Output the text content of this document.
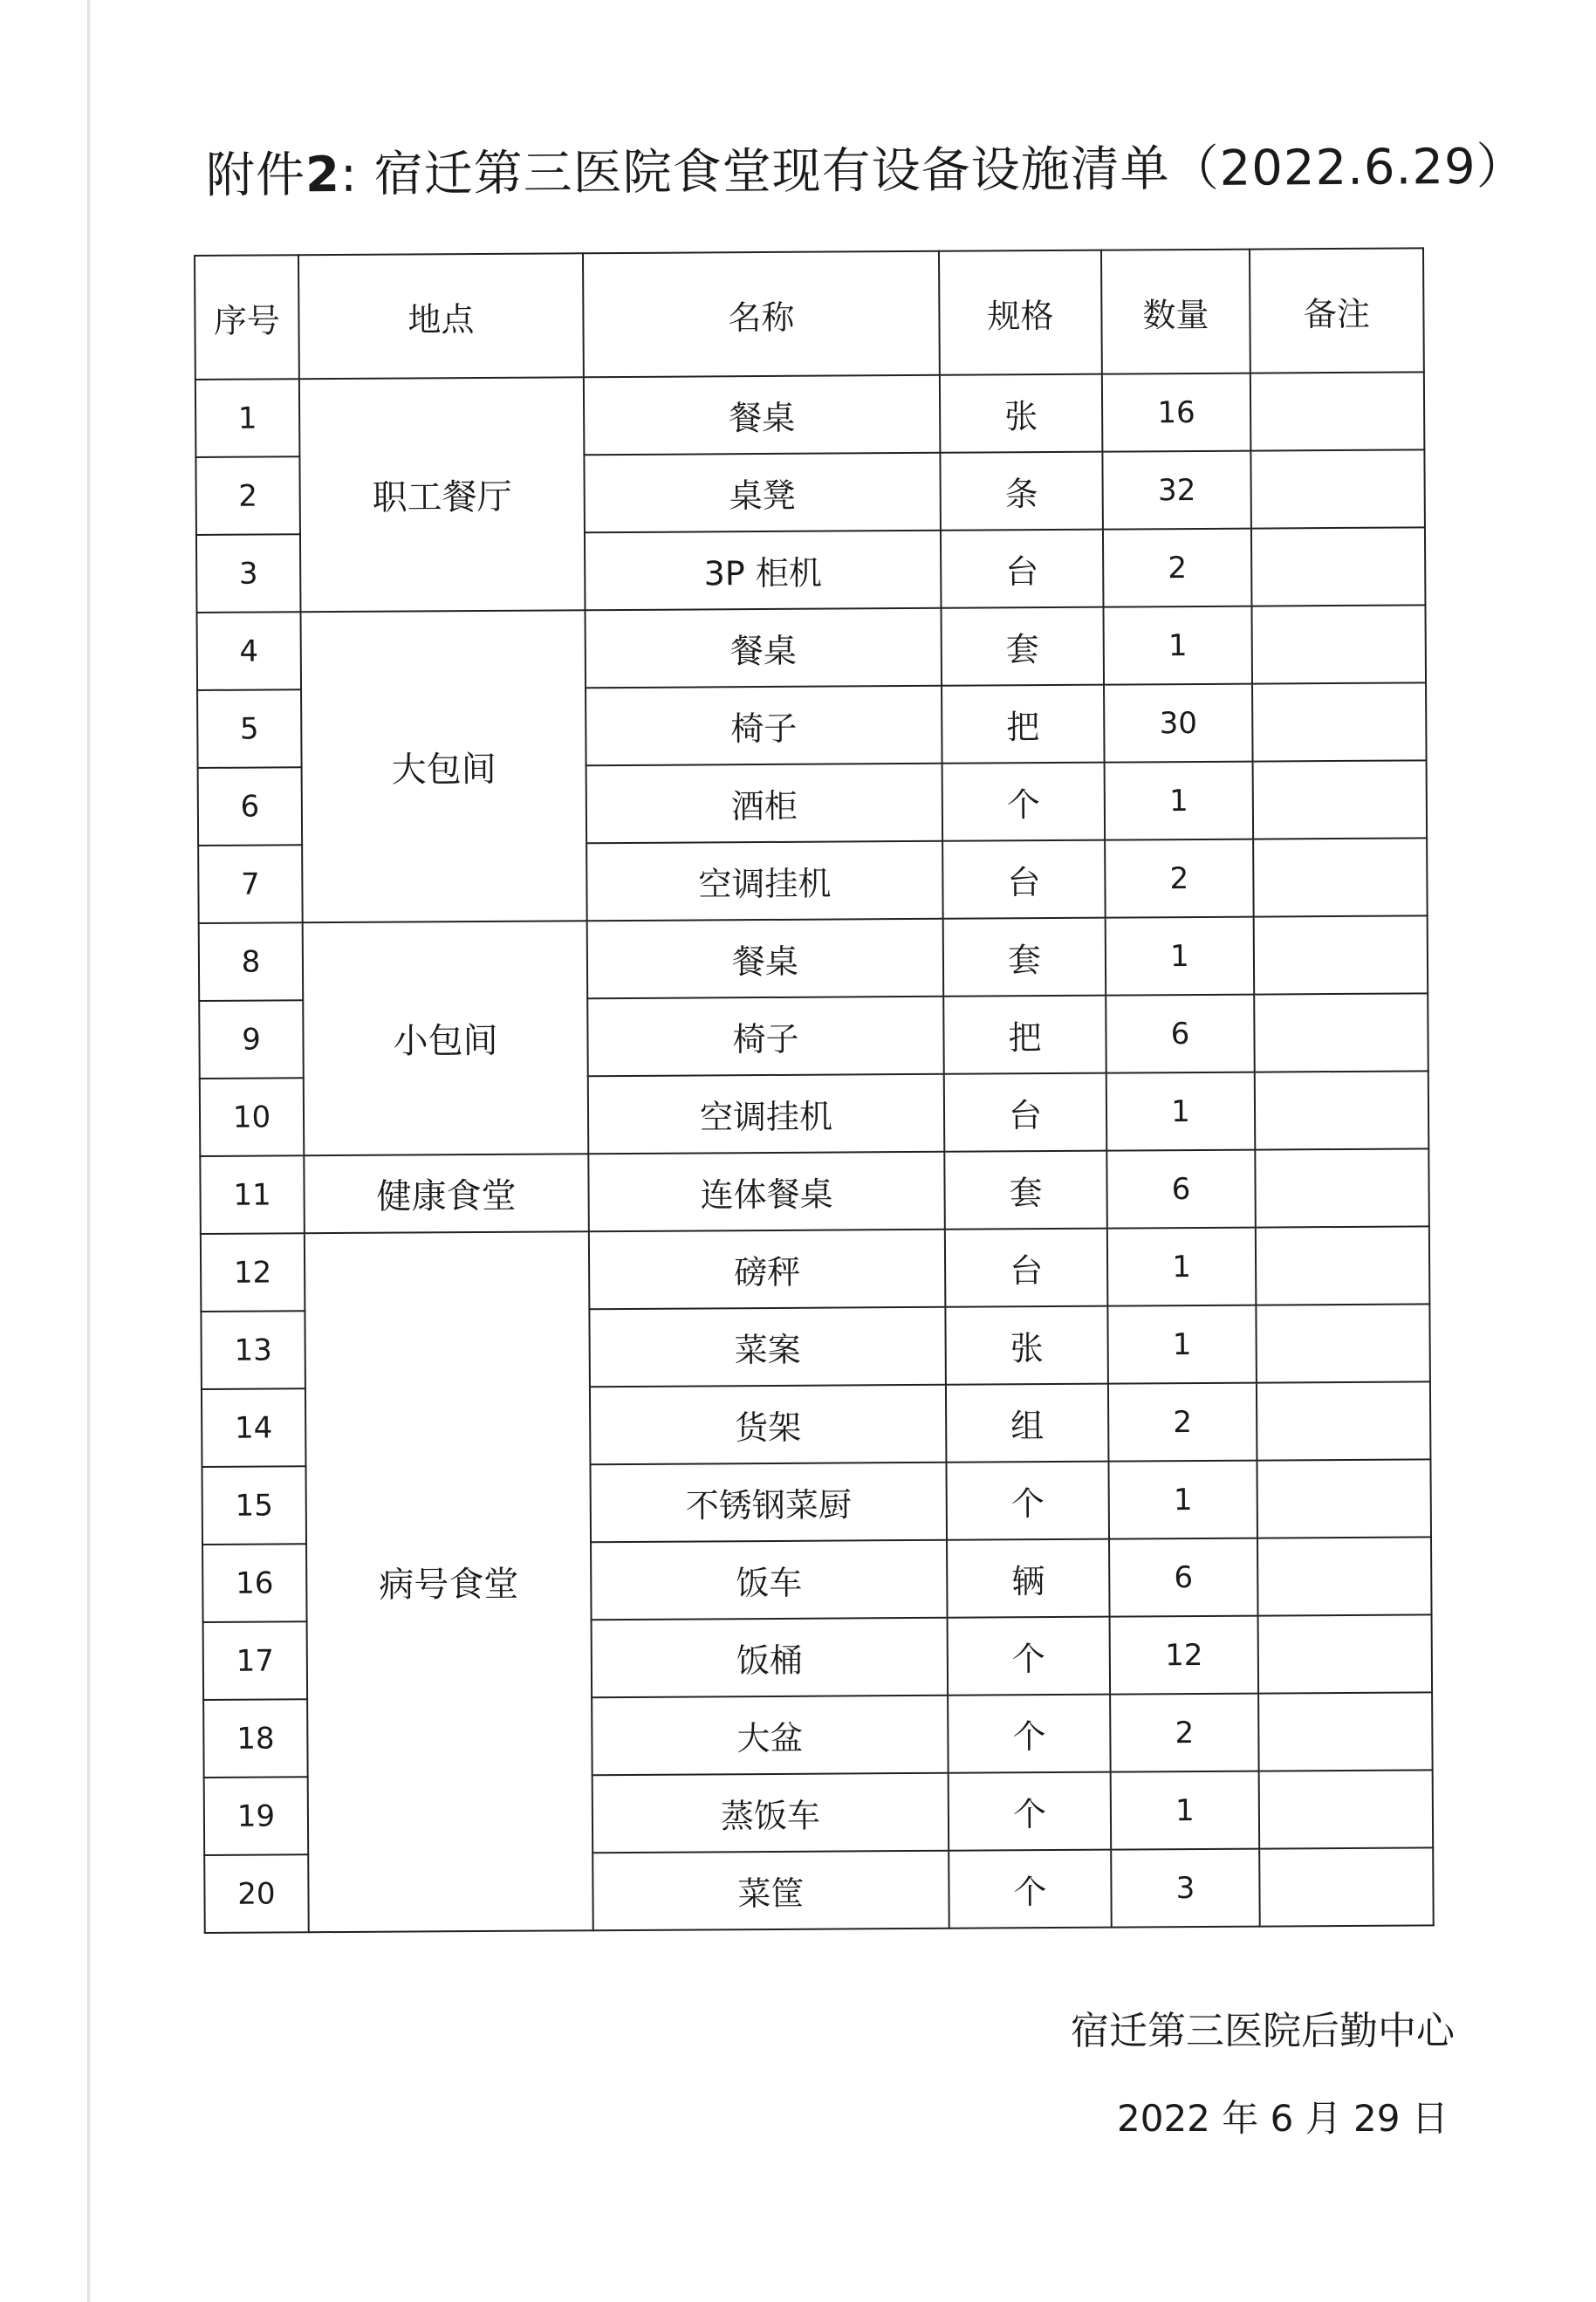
附件2: 宿迁第三医院食堂现有设备设施清单（2022.6.29）
序号	地点	名称	规格	数量	备注
1	职工餐厅	餐桌	张	16	
2		桌凳	条	32	
3		3P 柜机	台	2	
4	大包间	餐桌	套	1	
5		椅子	把	30	
6		酒柜	个	1	
7		空调挂机	台	2	
8	小包间	餐桌	套	1	
9		椅子	把	6	
10		空调挂机	台	1	
11	健康食堂	连体餐桌	套	6	
12	病号食堂	磅秤	台	1	
13		菜案	张	1	
14		货架	组	2	
15		不锈钢菜厨	个	1	
16		饭车	辆	6	
17		饭桶	个	12	
18		大盆	个	2	
19		蒸饭车	个	1	
20		菜筐	个	3	
宿迁第三医院后勤中心
2022 年 6 月 29 日
